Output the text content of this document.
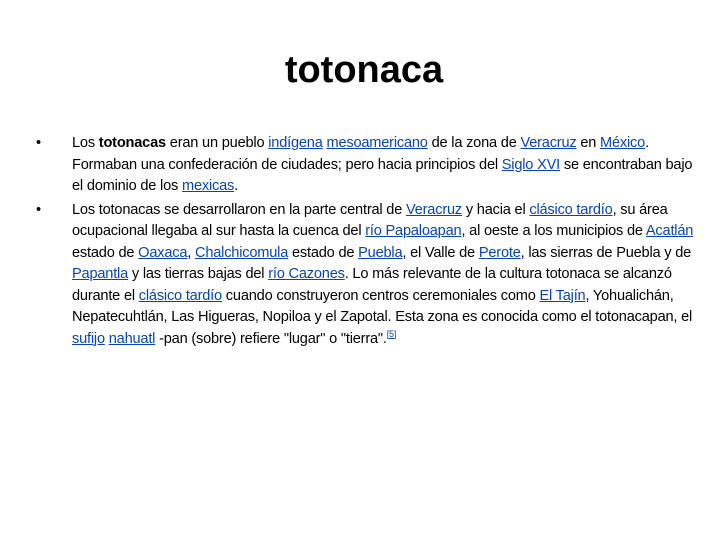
totonaca
• Los totonacas eran un pueblo indígena mesoamericano de la zona de Veracruz en México. Formaban una confederación de ciudades; pero hacia principios del Siglo XVI se encontraban bajo el dominio de los mexicas.
• Los totonacas se desarrollaron en la parte central de Veracruz y hacia el clásico tardío, su área ocupacional llegaba al sur hasta la cuenca del río Papaloapan, al oeste a los municipios de Acatlán estado de Oaxaca, Chalchicomula estado de Puebla, el Valle de Perote, las sierras de Puebla y de Papantla y las tierras bajas del río Cazones. Lo más relevante de la cultura totonaca se alcanzó durante el clásico tardío cuando construyeron centros ceremoniales como El Tajín, Yohualichán, Nepatecuhtlán, Las Higueras, Nopiloa y el Zapotal. Esta zona es conocida como el totonacapan, el sufijo nahuatl -pan (sobre) refiere "lugar" o "tierra".[5]
